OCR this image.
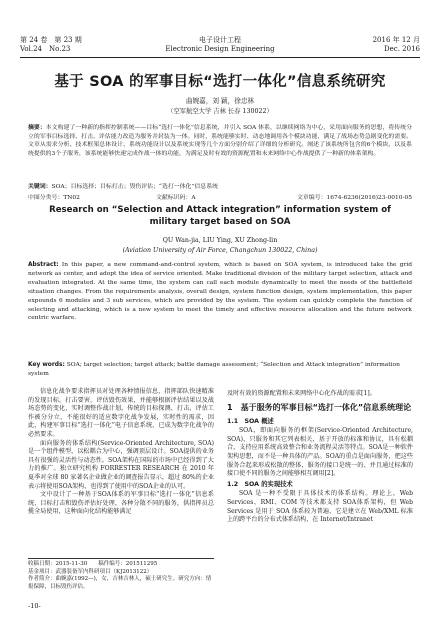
第 24 卷　第 23 期
Vol.24　No.23
电子设计工程
Electronic Design Engineering
2016 年 12 月
Dec. 2016
基于 SOA 的军事目标“选打一体化”信息系统研究
曲婉嘉，刘 颖，徐忠林
（空军航空大学 吉林 长春 130022）
摘要：本文构建了一种新的指挥控制系统——目标“选打一体化”信息系统，并引入 SOA 体系，以继续网络为中心，采用面向服务的思想，将传统分立的军事目标选择、打击、评估能力改造为服务并封装为一体。同时，系统能够实时、动态地调用各个模块功能，满足了战场态势急剧变化的需要。文章从需求分析、技术框架总体设计、系统功能设计以及系统实现等几个方面分别介绍了详细的分析研究。阐述了该系统所包含的6个模块，以及系统提供的3个子服务，该系统能够快速完成作战一体的功能，为满足及时有效的资源配置和未来网络中心作战提供了一种新的体系架构。
关键词：SOA；目标选择；目标打击；毁伤评估；“选打一体化”信息系统
中图分类号：TN02	文献标识码：A	文章编号：1674-6236(2016)23-0010-05
Research on “Selection and Attack integration” information system of military target based on SOA
QU Wan-jia, LIU Ying, XU Zhong-lin
(Aviation University of Air Force, Changchun 130022, China)
Abstract: In this paper, a new command-and-control system, which is based on SOA system, is introduced take the grid network as center, and adopt the idea of service oriented. Make traditional division of the military target selection, attack and evaluation integrated. At the same time, the system can call each module dynamically to meet the needs of the battlefield situation changes. From the requirements analysis, overall design, system function design, system implementation, this paper expounds 6 modules and 3 sub services, which are provided by the system. The system can quickly complete the function of selecting and attacking, which is a new system to meet the timely and effective resource allocation and the future network centric warfare.
Key words: SOA; target selection; target attack; battle damage assessment; “Selection and Attack integration” information system

信息化战争要求指挥员对处理各种情报信息，指挥部队快速精准的发现目标，打击要害，评估毁伤效果，并能够根据评估结果以及战场态势的变化，实时调整作战计划。传统的目标探测、打击、评估工作被分分立，不能很好的适应数字化战争发展，实时性的需求，因此，构建军事目标“选打一体化”电子信息系统，已成为数字化战争的必然要求。

面向服务的体系结构(Service-Oriented Architecture, SOA)是一个组件模型，以松耦合为中心，强调顶层设计。SOA提供的业务具有很强的灵活性与动态性。SOA架构在国际的市场中已经得到了大力的推广。独立研究机构 FORRESTER RESEARCH 在 2010 年夏季对全球 80 家著名企业做企业的调查报告显示，超过 80%的企业表示将使用SOA架构，也得到了使用中的SOA企业的认可。

文中设计了一种基于SOA体系的军事目标“选打一体化”信息系统，目标打击和毁伤评估好处理，各种分散不同的服务，供指挥员总揽全局使用，这种面向化结构能够满足

及时有效的资源配置和未来网络中心化作战的需求[1]。
1　基于服务的军事目标“选打一体化”信息系统理论
1.1　SOA 概述

SOA，即面向服务的框架(Service-Oriented Architecture, SOA)，只服务和其它列表相关，基于开放的标准和协议，具有松耦合、支持应用系统高效整合和业务流程灵活等特点。SOA是一种软件架构思想，而不是一种具体的产品。SOA的重点是面向服务，把这些服务合起来形成松散的整体，服务的接口是统一的、并且通过标准的接口使不同的服务之间能够相互调用[2]。

1.2　SOA 的实现技术

SOA 是一种不受限于具体技术的体系结构。理论上，Web Services、RMI、COM 等技术都支持 SOA体系架构，但 Web Services 是用于 SOA 体系较为普遍、它是建立在 Web/XML 标准上的跨平台的分布式体系结构，在 Internet/Intranet

收稿日期：2015-11-30　　稿件编号：201511295
基金项目：武器装备军内科研项目（KJ2013122）
作者简介：曲婉嘉(1992—)，女，吉林吉林人，硕士研究生。研究方向：情报保障，目标毁伤评估。
-10-
